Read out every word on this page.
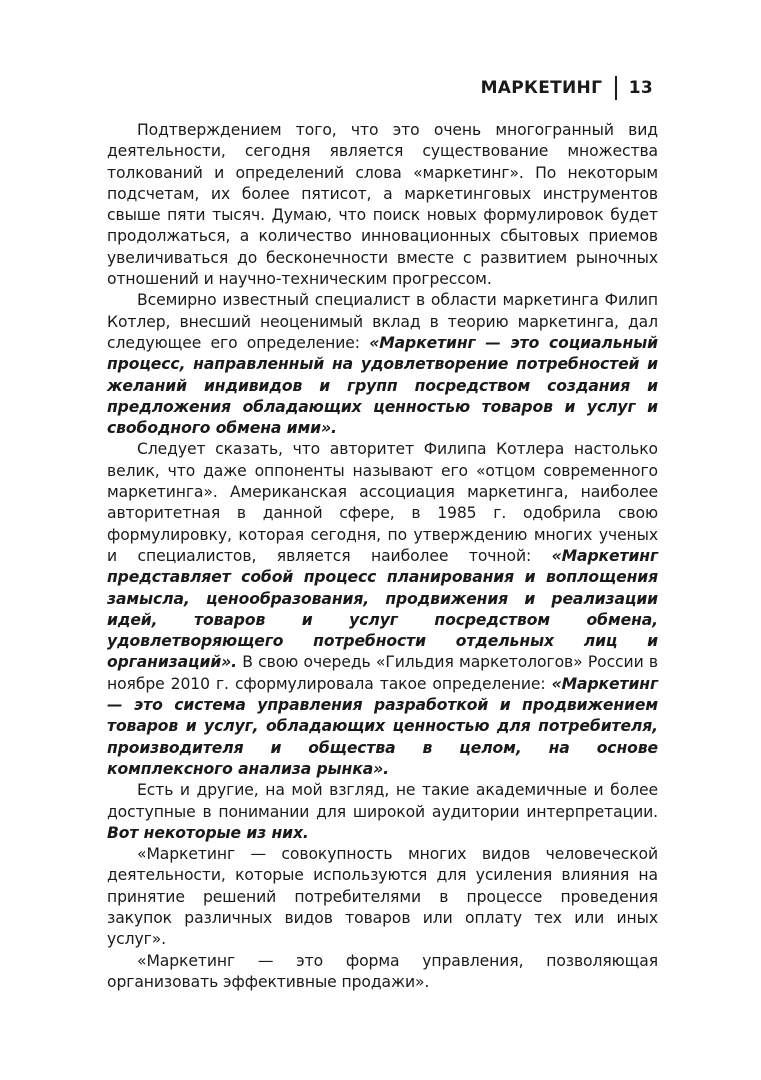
МАРКЕТИНГ 13

Подтверждением того, что это очень многогранный вид деятельности, сегодня является существование множества толкований и определений слова «маркетинг». По некоторым подсчетам, их более пятисот, а маркетинговых инструментов свыше пяти тысяч. Думаю, что поиск новых формулировок будет продолжаться, а количество инновационных сбытовых приемов увеличиваться до бесконечности вместе с развитием рыночных отношений и научно-техническим прогрессом.

Всемирно известный специалист в области маркетинга Филип Котлер, внесший неоценимый вклад в теорию маркетинга, дал следующее его определение: «Маркетинг — это социальный процесс, направленный на удовлетворение потребностей и желаний индивидов и групп посредством создания и предложения обладающих ценностью товаров и услуг и свободного обмена ими».

Следует сказать, что авторитет Филипа Котлера настолько велик, что даже оппоненты называют его «отцом современного маркетинга». Американская ассоциация маркетинга, наиболее авторитетная в данной сфере, в 1985 г. одобрила свою формулировку, которая сегодня, по утверждению многих ученых и специалистов, является наиболее точной: «Маркетинг представляет собой процесс планирования и воплощения замысла, ценообразования, продвижения и реализации идей, товаров и услуг посредством обмена, удовлетворяющего потребности отдельных лиц и организаций». В свою очередь «Гильдия маркетологов» России в ноябре 2010 г. сформулировала такое определение: «Маркетинг — это система управления разработкой и продвижением товаров и услуг, обладающих ценностью для потребителя, производителя и общества в целом, на основе комплексного анализа рынка».

Есть и другие, на мой взгляд, не такие академичные и более доступные в понимании для широкой аудитории интерпретации. Вот некоторые из них.

«Маркетинг — совокупность многих видов человеческой деятельности, которые используются для усиления влияния на принятие решений потребителями в процессе проведения закупок различных видов товаров или оплату тех или иных услуг».

«Маркетинг — это форма управления, позволяющая организовать эффективные продажи».
